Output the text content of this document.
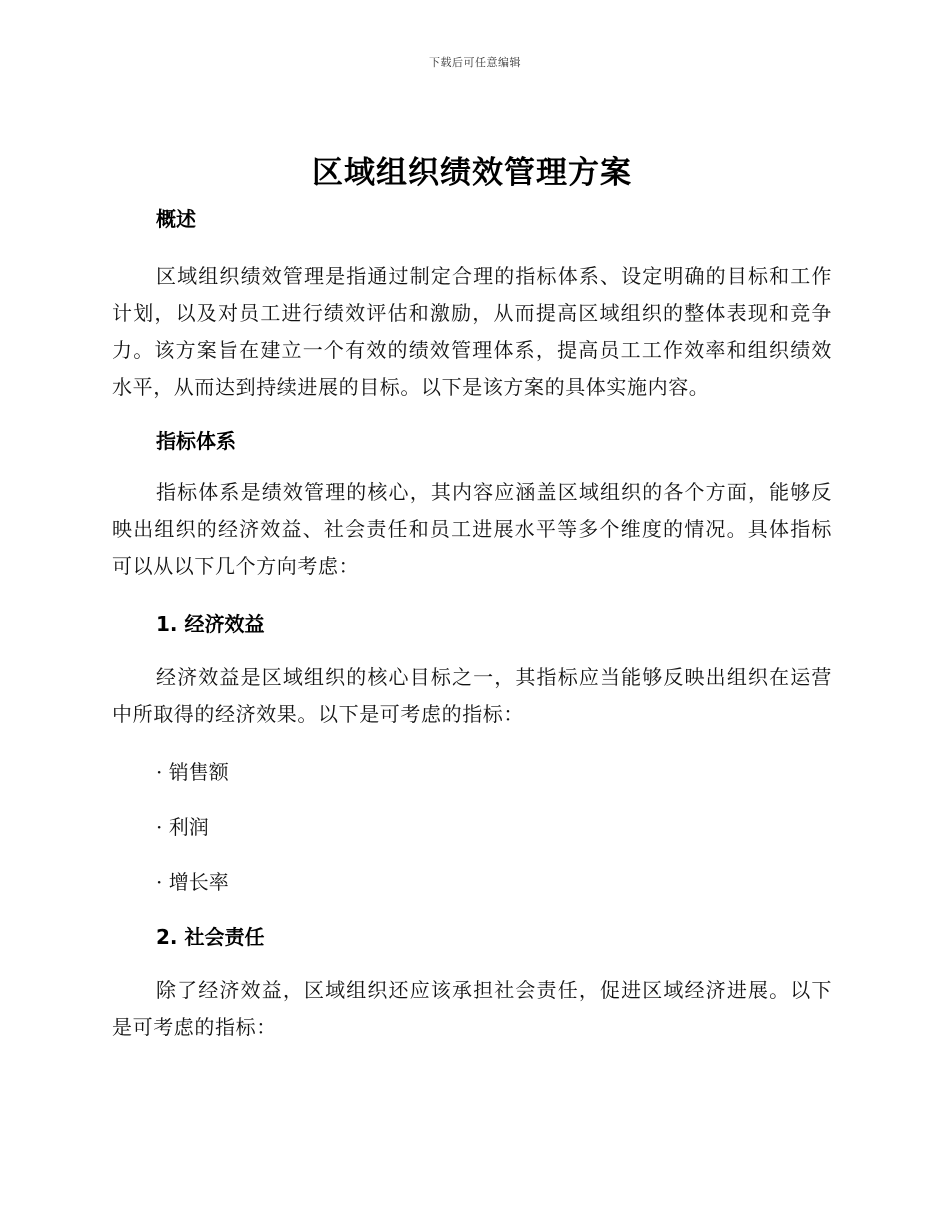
下载后可任意编辑
区域组织绩效管理方案
概述

区域组织绩效管理是指通过制定合理的指标体系、设定明确的目标和工作计划，以及对员工进行绩效评估和激励，从而提高区域组织的整体表现和竞争力。该方案旨在建立一个有效的绩效管理体系，提高员工工作效率和组织绩效水平，从而达到持续进展的目标。以下是该方案的具体实施内容。

指标体系

指标体系是绩效管理的核心，其内容应涵盖区域组织的各个方面，能够反映出组织的经济效益、社会责任和员工进展水平等多个维度的情况。具体指标可以从以下几个方向考虑：

1. 经济效益

经济效益是区域组织的核心目标之一，其指标应当能够反映出组织在运营中所取得的经济效果。以下是可考虑的指标：

· 销售额

· 利润

· 增长率

2. 社会责任

除了经济效益，区域组织还应该承担社会责任，促进区域经济进展。以下是可考虑的指标：
